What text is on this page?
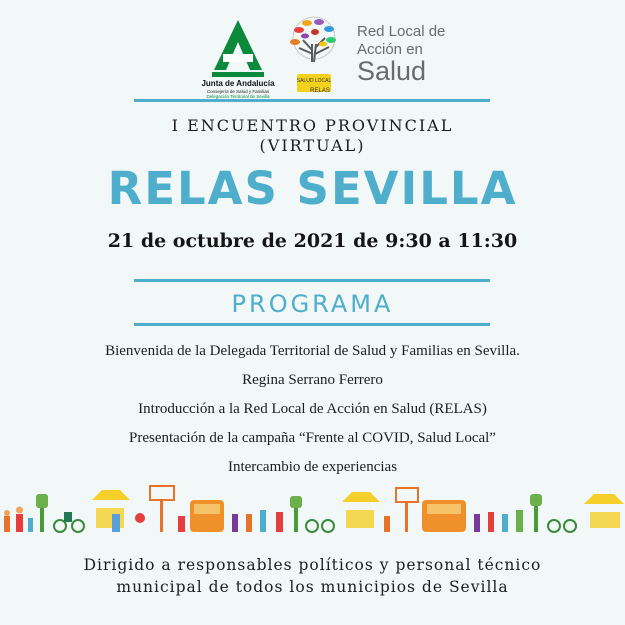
Junta de Andalucía
Consejería de Salud y Familias
Delegación Territorial de Sevilla
SALUD LOCAL
RELAS
Red Local de
Acción en
Salud
I ENCUENTRO PROVINCIAL
(VIRTUAL)
RELAS SEVILLA
21 de octubre de 2021 de 9:30 a 11:30
PROGRAMA
Bienvenida de la Delegada Territorial de Salud y Familias en Sevilla.
Regina Serrano Ferrero
Introducción a la Red Local de Acción en Salud (RELAS)
Presentación de la campaña “Frente al COVID, Salud Local”
Intercambio de experiencias
Dirigido a responsables políticos y personal técnico
municipal de todos los municipios de Sevilla
